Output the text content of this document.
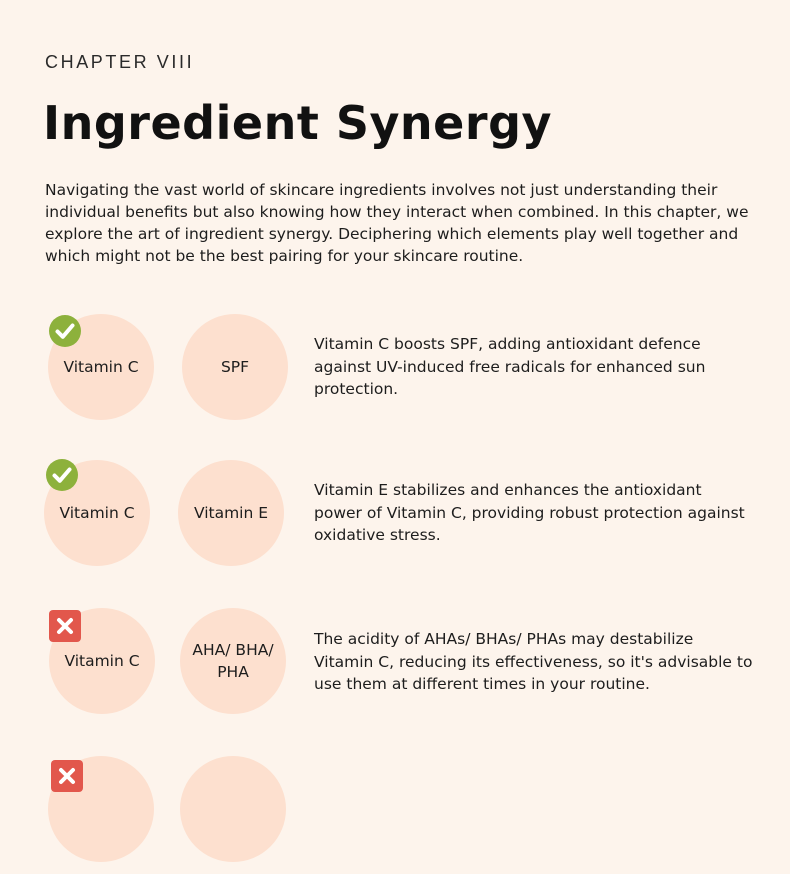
CHAPTER VIII
Ingredient Synergy
Navigating the vast world of skincare ingredients involves not just understanding their individual benefits but also knowing how they interact when combined. In this chapter, we explore the art of ingredient synergy. Deciphering which elements play well together and which might not be the best pairing for your skincare routine.
Vitamin C	SPF
Vitamin C boosts SPF, adding antioxidant defence against UV-induced free radicals for enhanced sun protection.
Vitamin C	Vitamin E
Vitamin E stabilizes and enhances the antioxidant power of Vitamin C, providing robust protection against oxidative stress.
Vitamin C
AHA/ BHA/ PHA
The acidity of AHAs/ BHAs/ PHAs may destabilize Vitamin C, reducing its effectiveness, so it's advisable to use them at different times in your routine.
